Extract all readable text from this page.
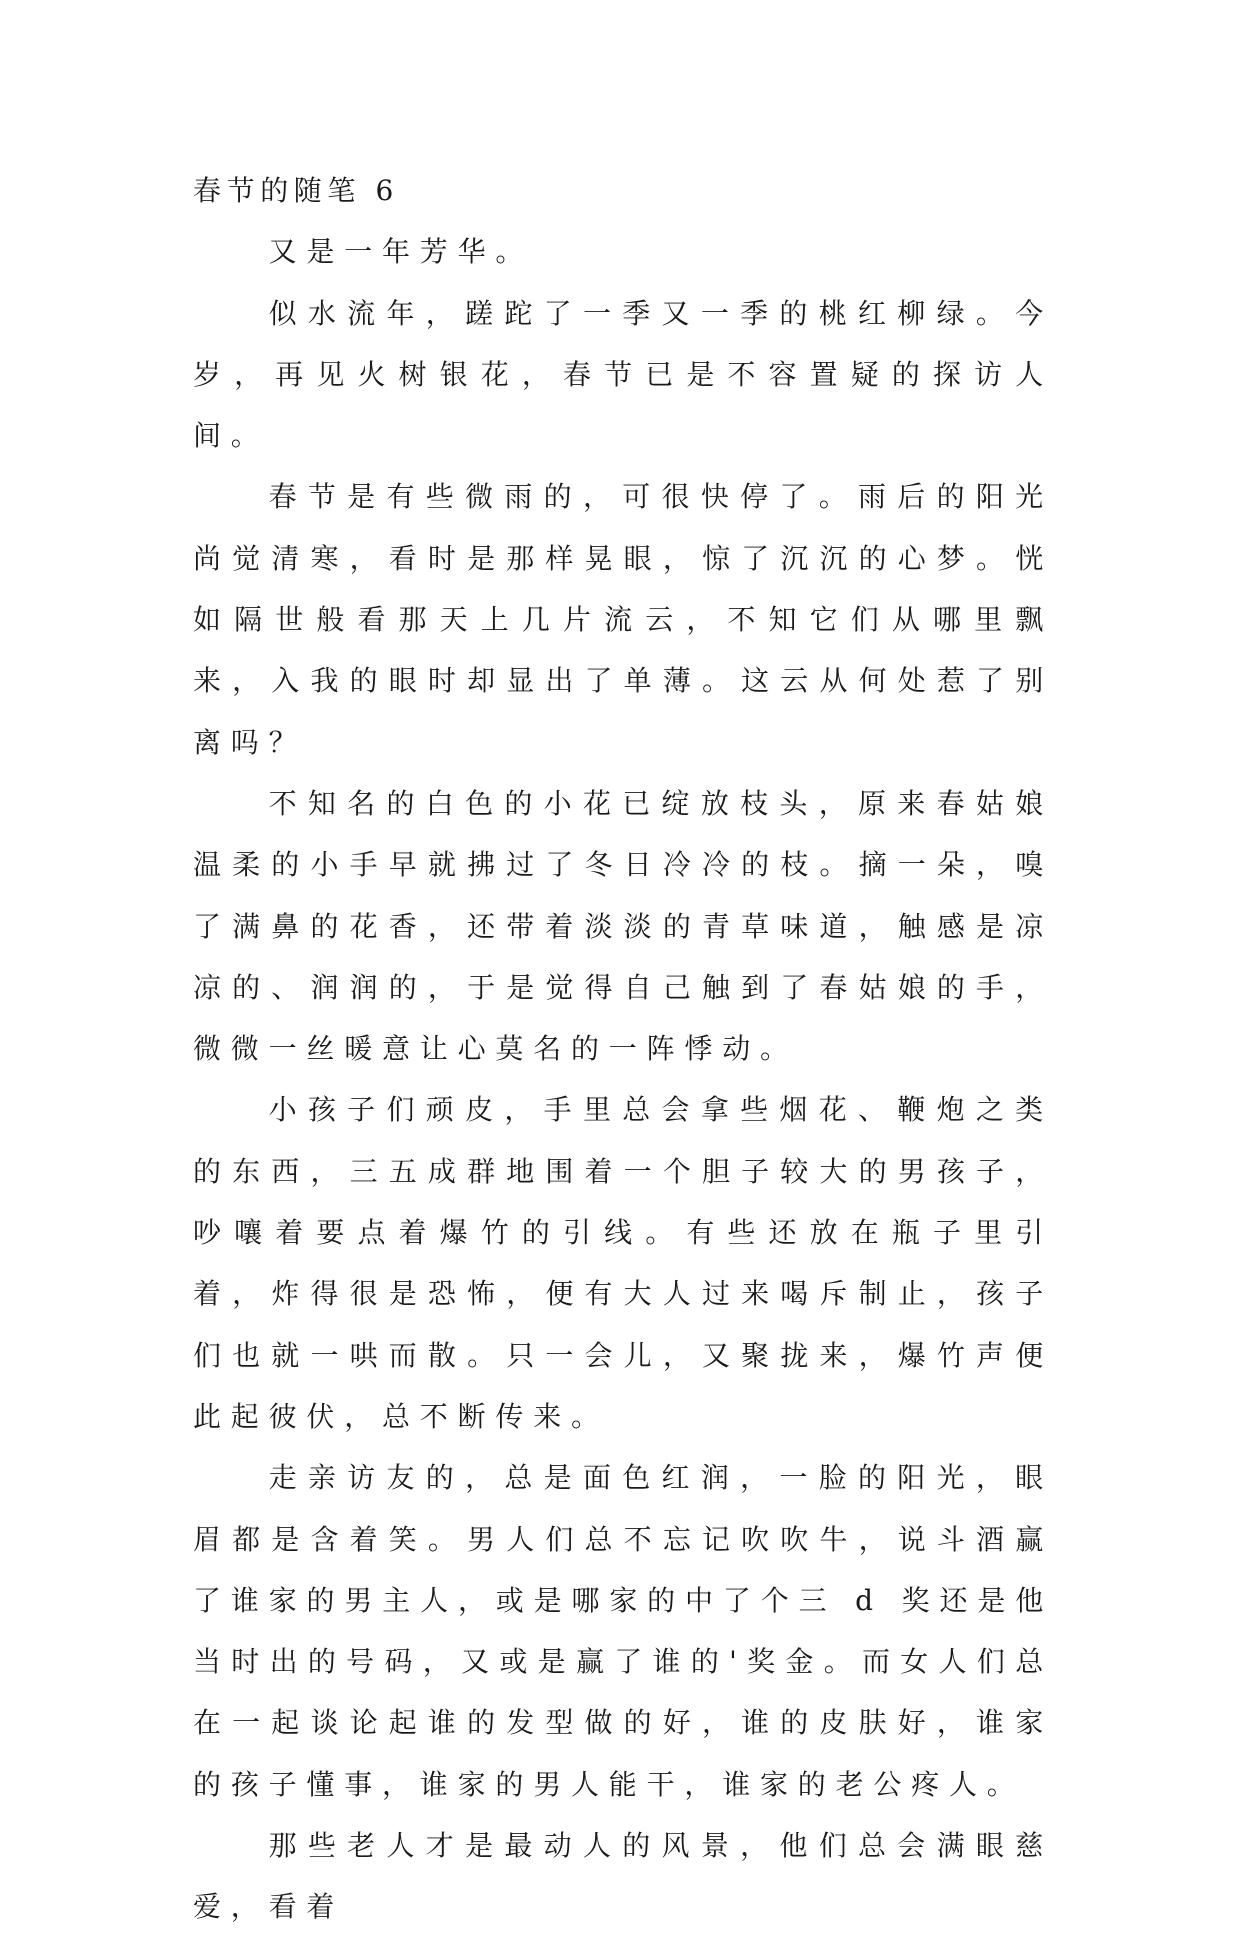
春节的随笔 6

又是一年芳华。

似水流年，蹉跎了一季又一季的桃红柳绿。今岁，再见火树银花，春节已是不容置疑的探访人间。

春节是有些微雨的，可很快停了。雨后的阳光尚觉清寒，看时是那样晃眼，惊了沉沉的心梦。恍如隔世般看那天上几片流云，不知它们从哪里飘来，入我的眼时却显出了单薄。这云从何处惹了别离吗？

不知名的白色的小花已绽放枝头，原来春姑娘温柔的小手早就拂过了冬日冷冷的枝。摘一朵，嗅了满鼻的花香，还带着淡淡的青草味道，触感是凉凉的、润润的，于是觉得自己触到了春姑娘的手，微微一丝暖意让心莫名的一阵悸动。

小孩子们顽皮，手里总会拿些烟花、鞭炮之类的东西，三五成群地围着一个胆子较大的男孩子，吵嚷着要点着爆竹的引线。有些还放在瓶子里引着，炸得很是恐怖，便有大人过来喝斥制止，孩子们也就一哄而散。只一会儿，又聚拢来，爆竹声便此起彼伏，总不断传来。

走亲访友的，总是面色红润，一脸的阳光，眼眉都是含着笑。男人们总不忘记吹吹牛，说斗酒赢了谁家的男主人，或是哪家的中了个三 d 奖还是他当时出的号码，又或是赢了谁的'奖金。而女人们总在一起谈论起谁的发型做的好，谁的皮肤好，谁家的孩子懂事，谁家的男人能干，谁家的老公疼人。

那些老人才是最动人的风景，他们总会满眼慈爱，看着
